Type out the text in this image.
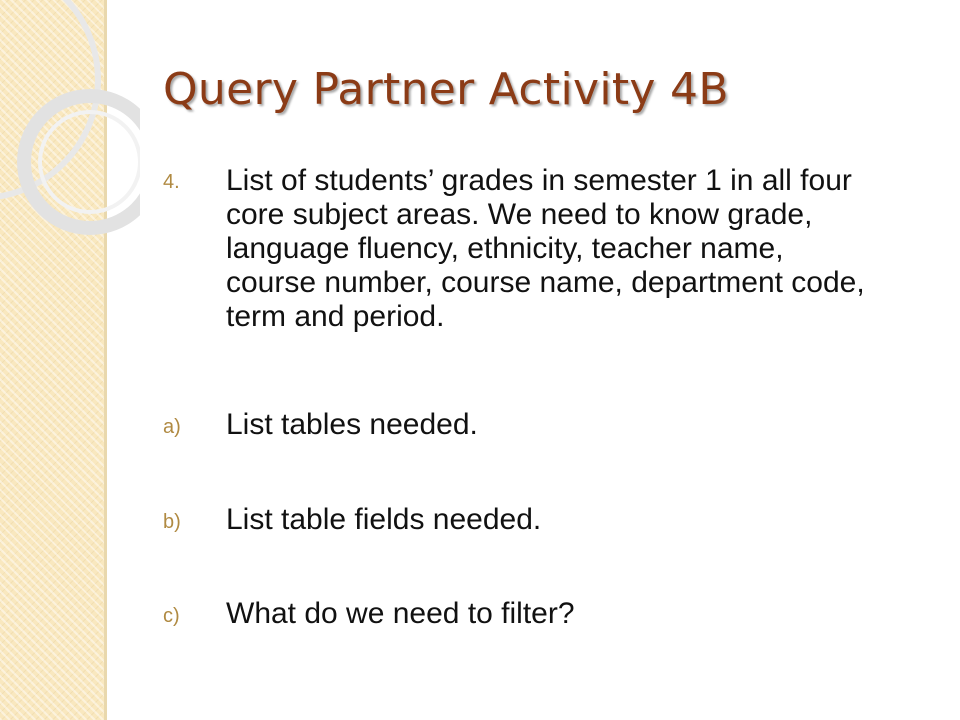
Query Partner Activity 4B
4. List of students’ grades in semester 1 in all four core subject areas. We need to know grade, language fluency, ethnicity, teacher name, course number, course name, department code, term and period.
a) List tables needed.
b) List table fields needed.
c) What do we need to filter?
